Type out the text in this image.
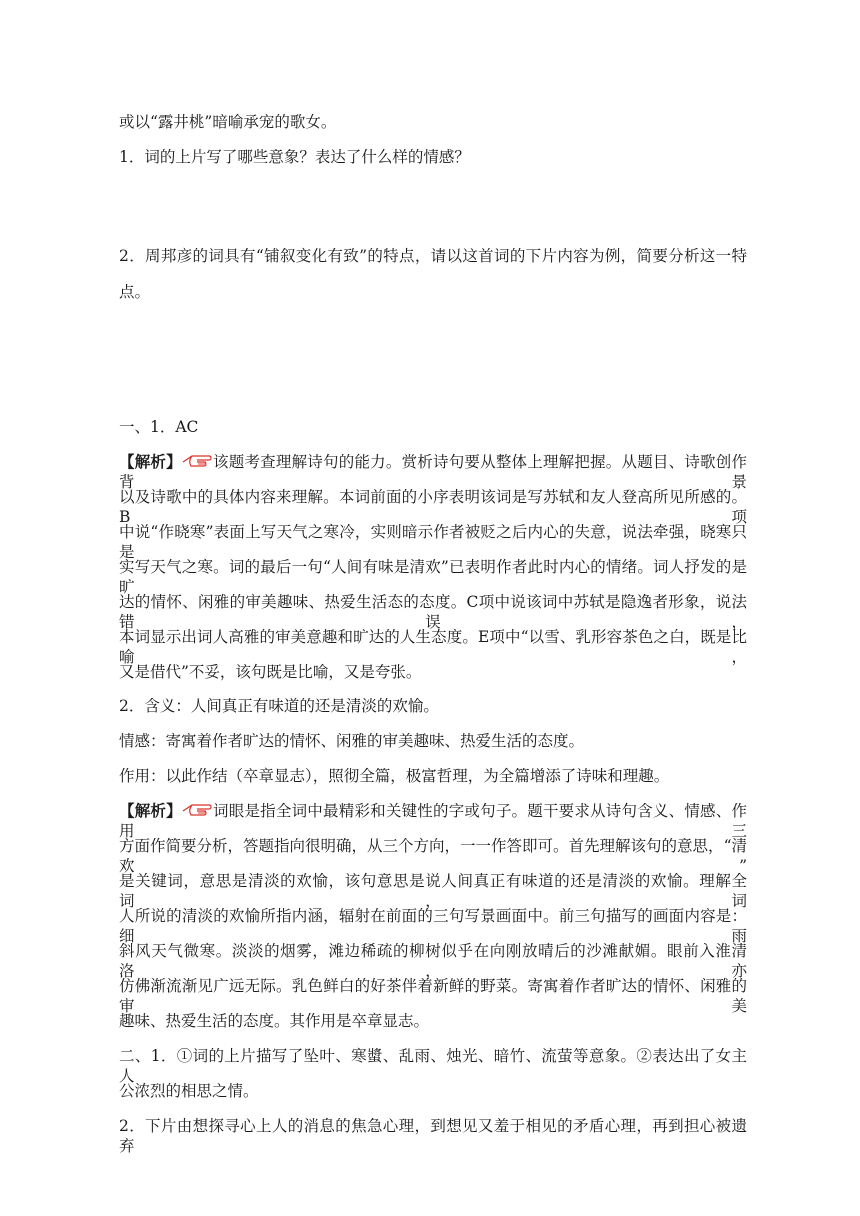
或以“露井桃”暗喻承宠的歌女。
1．词的上片写了哪些意象？表达了什么样的情感？
2．周邦彦的词具有“铺叙变化有致”的特点，请以这首词的下片内容为例，简要分析这一特
点。
一、1．AC
【解析】 该题考查理解诗句的能力。赏析诗句要从整体上理解把握。从题目、诗歌创作背景
以及诗歌中的具体内容来理解。本词前面的小序表明该词是写苏轼和友人登高所见所感的。B项
中说“作晓寒”表面上写天气之寒冷，实则暗示作者被贬之后内心的失意，说法牵强，晓寒只是
实写天气之寒。词的最后一句“人间有味是清欢”已表明作者此时内心的情绪。词人抒发的是旷
达的情怀、闲雅的审美趣味、热爱生活态的态度。C项中说该词中苏轼是隐逸者形象，说法错误，
本词显示出词人高雅的审美意趣和旷达的人生态度。E项中“以雪、乳形容茶色之白，既是比喻，
又是借代”不妥，该句既是比喻，又是夸张。
2．含义：人间真正有味道的还是清淡的欢愉。
情感：寄寓着作者旷达的情怀、闲雅的审美趣味、热爱生活的态度。
作用：以此作结（卒章显志），照彻全篇，极富哲理，为全篇增添了诗味和理趣。
【解析】 词眼是指全词中最精彩和关键性的字或句子。题干要求从诗句含义、情感、作用三
方面作简要分析，答题指向很明确，从三个方向，一一作答即可。首先理解该句的意思，“清欢”
是关键词，意思是清淡的欢愉，该句意思是说人间真正有味道的还是清淡的欢愉。理解全词，词
人所说的清淡的欢愉所指内涵，辐射在前面的三句写景画面中。前三句描写的画面内容是：细雨
斜风天气微寒。淡淡的烟雾，滩边稀疏的柳树似乎在向刚放晴后的沙滩献媚。眼前入淮清洛，亦
仿佛渐流渐见广远无际。乳色鲜白的好茶伴着新鲜的野菜。寄寓着作者旷达的情怀、闲雅的审美
趣味、热爱生活的态度。其作用是卒章显志。
二、1．①词的上片描写了坠叶、寒螿、乱雨、烛光、暗竹、流萤等意象。②表达出了女主人
公浓烈的相思之情。
2．下片由想探寻心上人的消息的焦急心理，到想见又羞于相见的矛盾心理，再到担心被遗弃
